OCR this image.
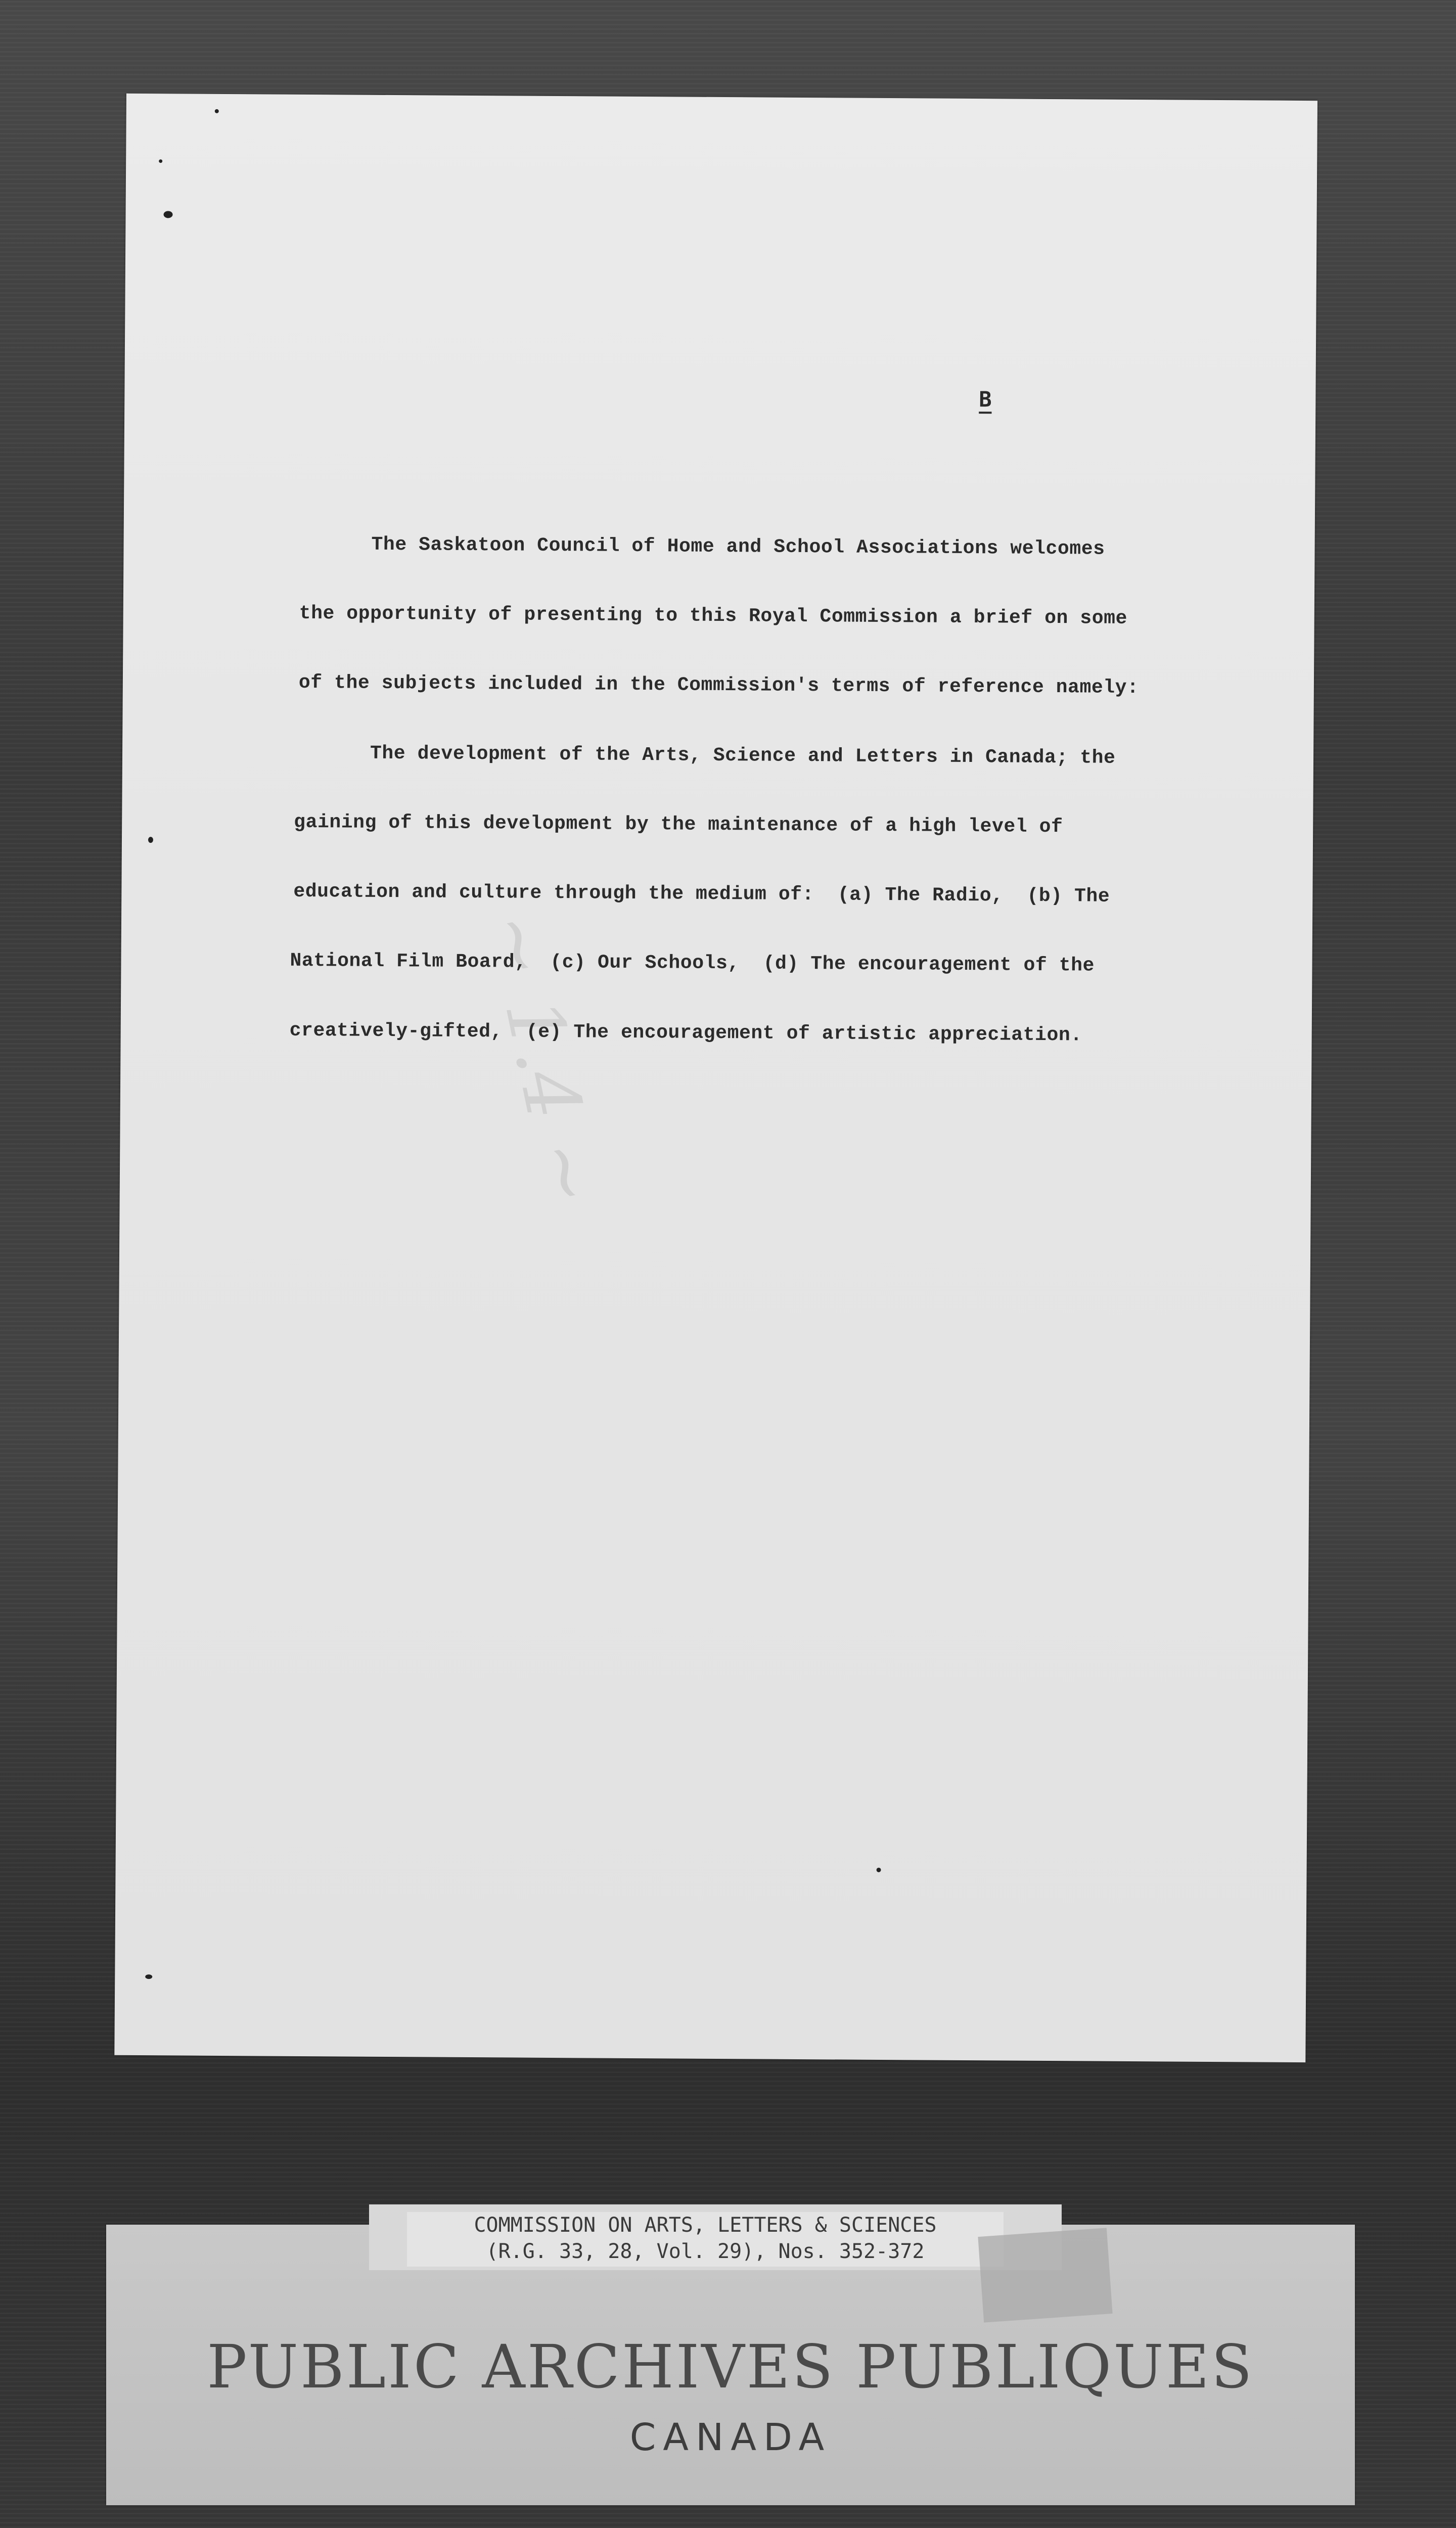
~ 1.4 ~
B
The Saskatoon Council of Home and School Associations welcomes
the opportunity of presenting to this Royal Commission a brief on some
of the subjects included in the Commission's terms of reference namely:
The development of the Arts, Science and Letters in Canada; the
gaining of this development by the maintenance of a high level of
education and culture through the medium of:  (a) The Radio,  (b) The
National Film Board,  (c) Our Schools,  (d) The encouragement of the
creatively-gifted,  (e) The encouragement of artistic appreciation.
COMMISSION ON ARTS, LETTERS & SCIENCES
(R.G. 33, 28, Vol. 29), Nos. 352-372
PUBLIC ARCHIVES PUBLIQUES
CANADA
